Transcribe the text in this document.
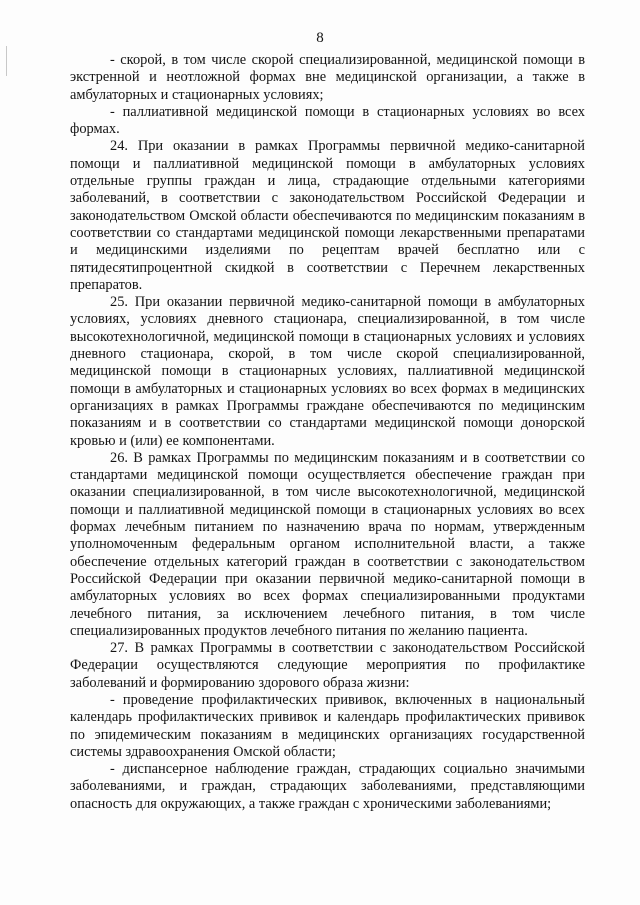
8

- скорой, в том числе скорой специализированной, медицинской помощи в экстренной и неотложной формах вне медицинской организации, а также в амбулаторных и стационарных условиях;

- паллиативной медицинской помощи в стационарных условиях во всех формах.

24. При оказании в рамках Программы первичной медико-санитарной помощи и паллиативной медицинской помощи в амбулаторных условиях отдельные группы граждан и лица, страдающие отдельными категориями заболеваний, в соответствии с законодательством Российской Федерации и законодательством Омской области обеспечиваются по медицинским показаниям в соответствии со стандартами медицинской помощи лекарственными препаратами и медицинскими изделиями по рецептам врачей бесплатно или с пятидесятипроцентной скидкой в соответствии с Перечнем лекарственных препаратов.

25. При оказании первичной медико-санитарной помощи в амбулаторных условиях, условиях дневного стационара, специализированной, в том числе высокотехнологичной, медицинской помощи в стационарных условиях и условиях дневного стационара, скорой, в том числе скорой специализированной, медицинской помощи в стационарных условиях, паллиативной медицинской помощи в амбулаторных и стационарных условиях во всех формах в медицинских организациях в рамках Программы граждане обеспечиваются по медицинским показаниям и в соответствии со стандартами медицинской помощи донорской кровью и (или) ее компонентами.

26. В рамках Программы по медицинским показаниям и в соответствии со стандартами медицинской помощи осуществляется обеспечение граждан при оказании специализированной, в том числе высокотехнологичной, медицинской помощи и паллиативной медицинской помощи в стационарных условиях во всех формах лечебным питанием по назначению врача по нормам, утвержденным уполномоченным федеральным органом исполнительной власти, а также обеспечение отдельных категорий граждан в соответствии с законодательством Российской Федерации при оказании первичной медико-санитарной помощи в амбулаторных условиях во всех формах специализированными продуктами лечебного питания, за исключением лечебного питания, в том числе специализированных продуктов лечебного питания по желанию пациента.

27. В рамках Программы в соответствии с законодательством Российской Федерации осуществляются следующие мероприятия по профилактике заболеваний и формированию здорового образа жизни:

- проведение профилактических прививок, включенных в национальный календарь профилактических прививок и календарь профилактических прививок по эпидемическим показаниям в медицинских организациях государственной системы здравоохранения Омской области;

- диспансерное наблюдение граждан, страдающих социально значимыми заболеваниями, и граждан, страдающих заболеваниями, представляющими опасность для окружающих, а также граждан с хроническими заболеваниями;
